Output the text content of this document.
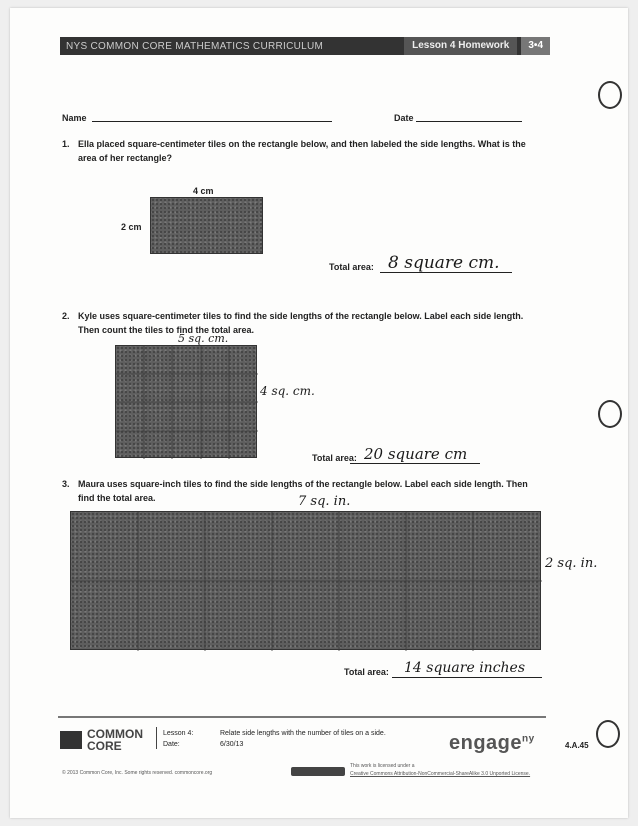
NYS COMMON CORE MATHEMATICS CURRICULUM	Lesson 4 Homework	3•4
Name	Date
1. Ella placed square-centimeter tiles on the rectangle below, and then labeled the side lengths. What is the
area of her rectangle?
4 cm
2 cm
Total area: 8 square cm.
2. Kyle uses square-centimeter tiles to find the side lengths of the rectangle below. Label each side length.
Then count the tiles to find the total area.
5 sq. cm.
4 sq. cm.
Total area: 20 square cm
3. Maura uses square-inch tiles to find the side lengths of the rectangle below. Label each side length. Then
find the total area.	7 sq. in.
2 sq. in.
Total area: 14 square inches
COMMON
CORE
Lesson 4:
Date:
Relate side lengths with the number of tiles on a side.
6/30/13	engage$^{ny}$
4.A.45
© 2013 Common Core, Inc. Some rights reserved. commoncore.org
This work is licensed under a
Creative Commons Attribution-NonCommercial-ShareAlike 3.0 Unported License.
